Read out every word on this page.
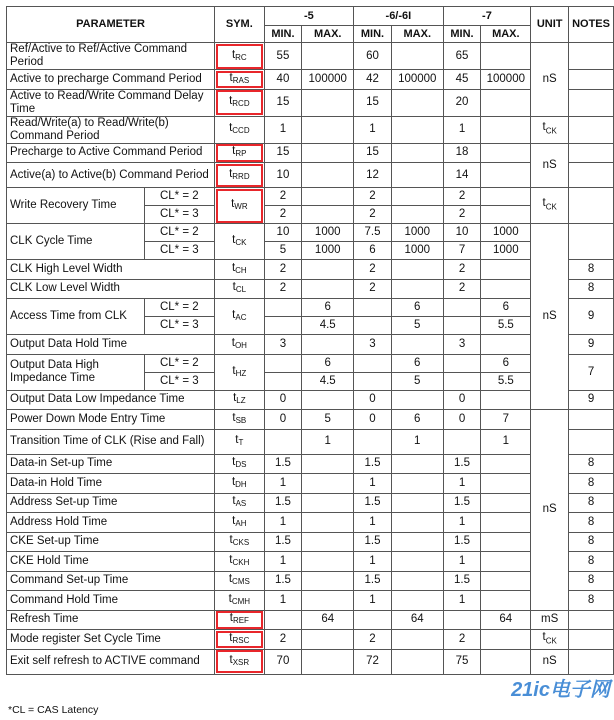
PARAMETER		SYM.	-5		-6/-6I		-7		UNIT	NOTES
			MIN.	MAX.	MIN.	MAX.	MIN.	MAX.		
Ref/Active to Ref/Active Command Period		$t_{RC}$	55		60		65		nS	
Active to precharge Command Period		$t_{RAS}$	40	100000	42	100000	45	100000		
Active to Read/Write Command Delay Time		$t_{RCD}$	15		15		20			
Read/Write(a) to Read/Write(b) Command Period		$t_{CCD}$	1		1		1		$t_{CK}$	
Precharge to Active Command Period		$t_{RP}$	15		15		18		nS	
Active(a) to Active(b) Command Period		$t_{RRD}$	10		12		14			
Write Recovery Time	CL* = 2	$t_{WR}$	2		2		2		$t_{CK}$	
	CL* = 3		2		2		2			
CLK Cycle Time	CL* = 2	$t_{CK}$	10	1000	7.5	1000	10	1000	nS	
	CL* = 3		5	1000	6	1000	7	1000		
CLK High Level Width		$t_{CH}$	2		2		2			8
CLK Low Level Width		$t_{CL}$	2		2		2			8
Access Time from CLK	CL* = 2	$t_{AC}$		6		6		6		9
	CL* = 3			4.5		5		5.5		
Output Data Hold Time		$t_{OH}$	3		3		3			9
Output Data High Impedance Time	CL* = 2	$t_{HZ}$		6		6		6		7
	CL* = 3			4.5		5		5.5		
Output Data Low Impedance Time		$t_{LZ}$	0		0		0			9
Power Down Mode Entry Time		$t_{SB}$	0	5	0	6	0	7	nS	
Transition Time of CLK (Rise and Fall)		$t_T$		1		1		1		
Data-in Set-up Time		$t_{DS}$	1.5		1.5		1.5			8
Data-in Hold Time		$t_{DH}$	1		1		1			8
Address Set-up Time		$t_{AS}$	1.5		1.5		1.5			8
Address Hold Time		$t_{AH}$	1		1		1			8
CKE Set-up Time		$t_{CKS}$	1.5		1.5		1.5			8
CKE Hold Time		$t_{CKH}$	1		1		1			8
Command Set-up Time		$t_{CMS}$	1.5		1.5		1.5			8
Command Hold Time		$t_{CMH}$	1		1		1			8
Refresh Time		$t_{REF}$		64		64		64	mS	
Mode register Set Cycle Time		$t_{RSC}$	2		2		2		$t_{CK}$	
Exit self refresh to ACTIVE command		$t_{XSR}$	70		72		75		nS	
*CL = CAS Latency
21ic电子网
